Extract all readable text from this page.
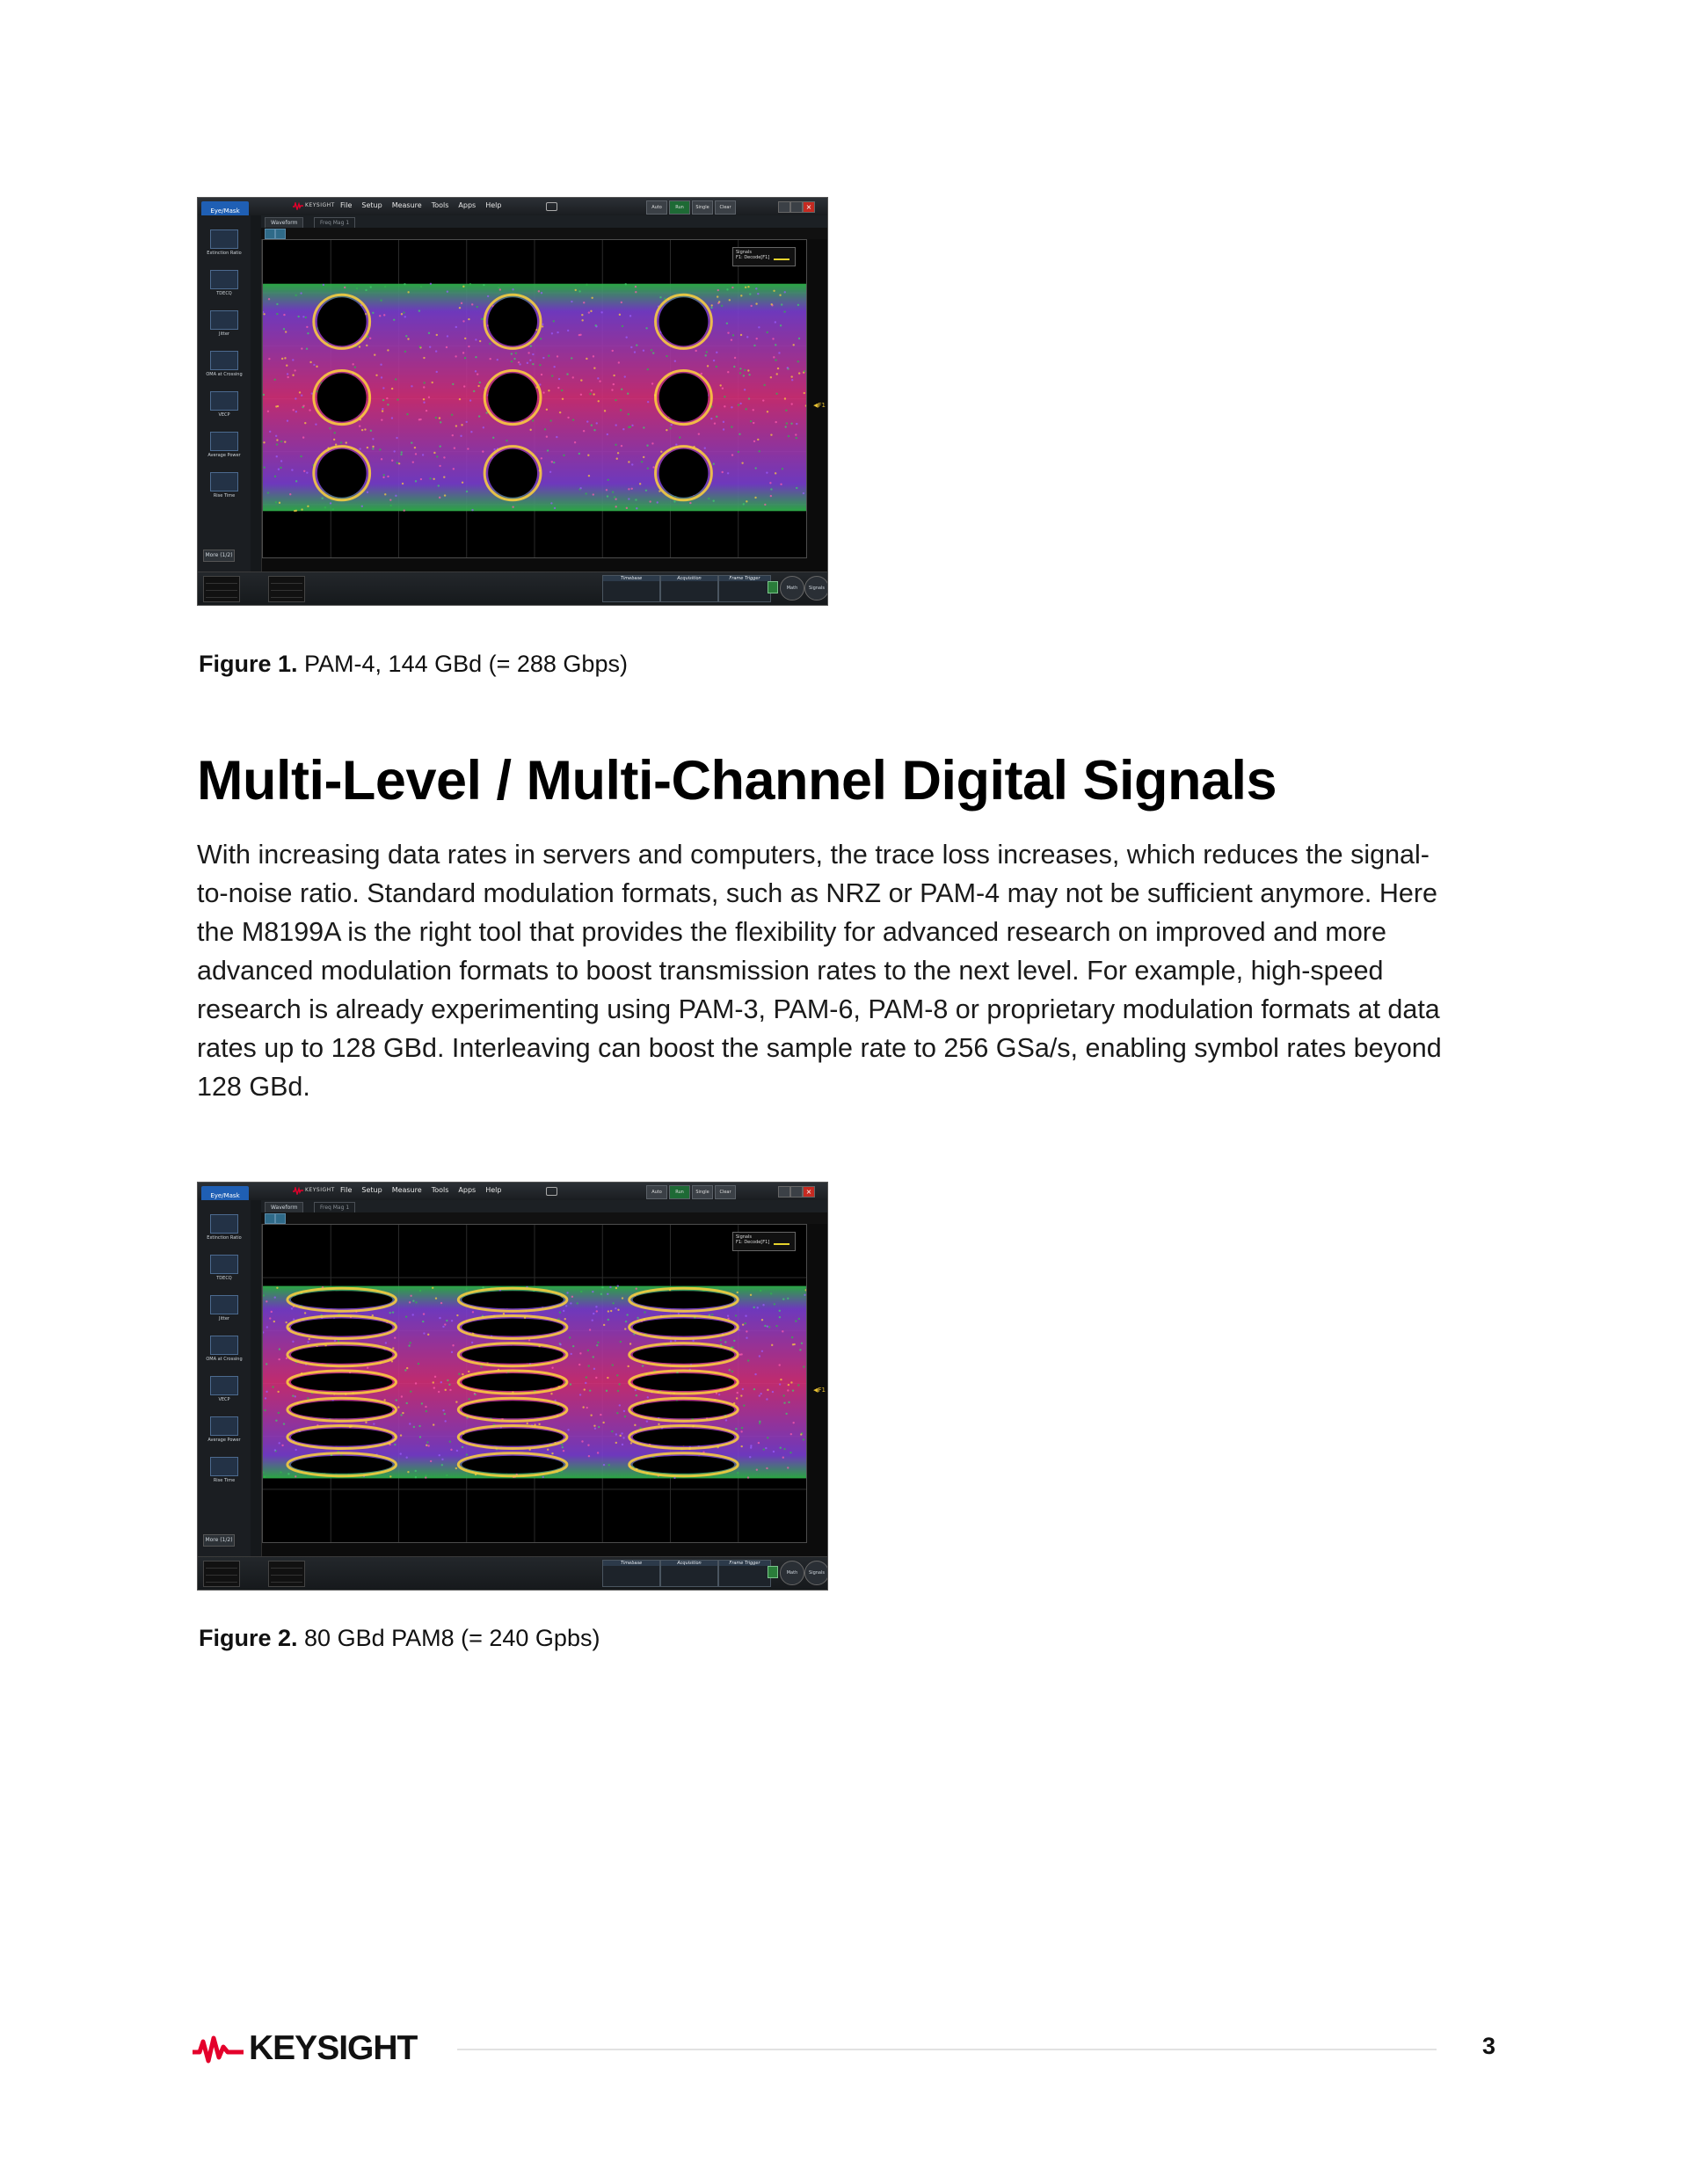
KEYSIGHT File Setup Measure Tools Apps Help	Auto	Run	Single	Clear	×
Eye/Mask
Extinction Ratio
TDECQ
Jitter
OMA at Crossing
VECP
Average Power
Rise Time
More (1/2)
Waveform	Freq Mag 1
Signals
F1: Decode[F1]
◀F1
Timebase	Acquisition	Frame Trigger
Math	Signals
Figure 1. PAM-4, 144 GBd (= 288 Gbps)
Multi-Level / Multi-Channel Digital Signals

With increasing data rates in servers and computers, the trace loss increases, which reduces the signal-
to-noise ratio. Standard modulation formats, such as NRZ or PAM-4 may not be sufficient anymore. Here
the M8199A is the right tool that provides the flexibility for advanced research on improved and more
advanced modulation formats to boost transmission rates to the next level. For example, high-speed
research is already experimenting using PAM-3, PAM-6, PAM-8 or proprietary modulation formats at data
rates up to 128 GBd. Interleaving can boost the sample rate to 256 GSa/s, enabling symbol rates beyond
128 GBd.

KEYSIGHT File Setup Measure Tools Apps Help	Auto	Run	Single	Clear	×
Eye/Mask
Extinction Ratio
TDECQ
Jitter
OMA at Crossing
VECP
Average Power
Rise Time
More (1/2)
Waveform	Freq Mag 1
Signals
F1: Decode[F1]
◀F1
Timebase	Acquisition	Frame Trigger
Math	Signals
Figure 2. 80 GBd PAM8 (= 240 Gpbs)
KEYSIGHT	3
